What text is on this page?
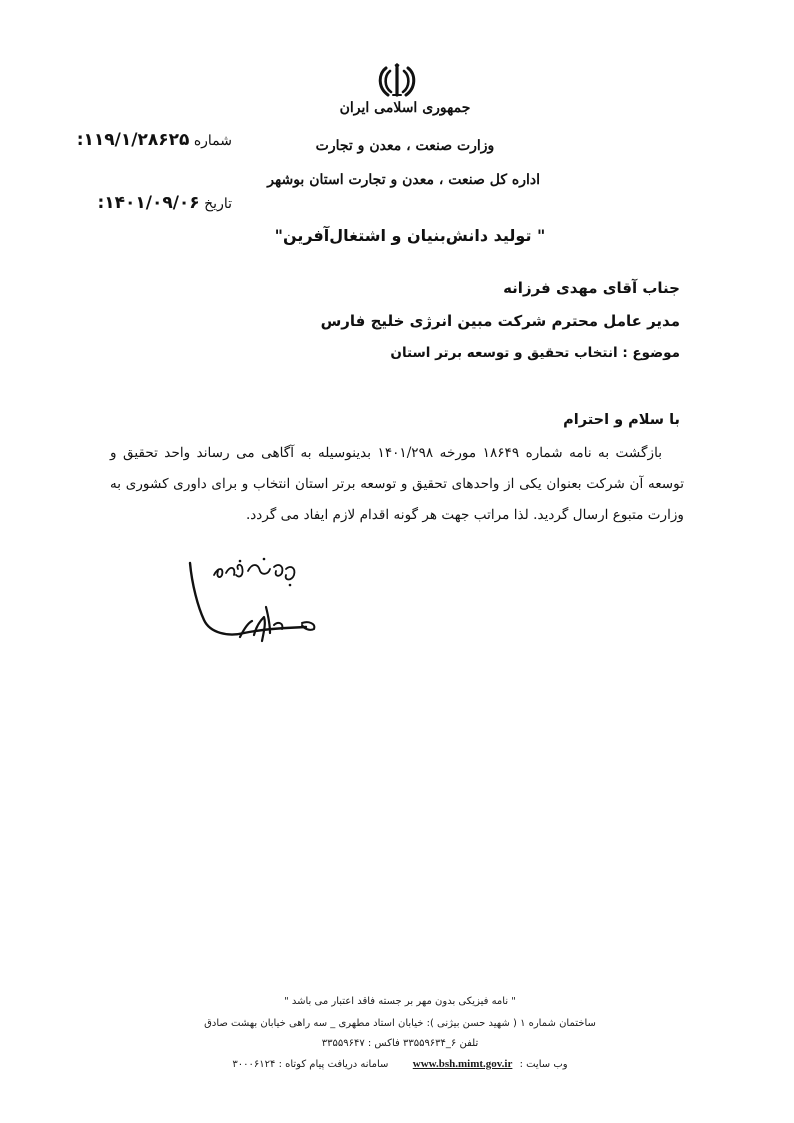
جمهوری اسلامی ایران
وزارت صنعت ، معدن و تجارت
اداره کل صنعت ، معدن و تجارت استان بوشهر
شماره ۱۱۹/۱/۲۸۶۲۵:
تاریخ ۱۴۰۱/۰۹/۰۶:
" تولید دانش‌بنیان و اشتغال‌آفرین"
جناب آقای مهدی فرزانه
مدیر عامل محترم شرکت مبین انرژی خلیج فارس
موضوع : انتخاب تحقیق و توسعه برتر استان
با سلام و احترام
بازگشت به نامه شماره ۱۸۶۴۹ مورخه ۱۴۰۱/۲۹۸ بدینوسیله به آگاهی می رساند واحد تحقیق و توسعه آن شرکت بعنوان یکی از واحدهای تحقیق و توسعه برتر استان انتخاب و برای داوری کشوری به وزارت متبوع ارسال گردید. لذا مراتب جهت هر گونه اقدام لازم ایفاد می گردد.
" نامه فیزیکی بدون مهر بر جسته فاقد اعتبار می باشد "
ساختمان شماره ۱ ( شهید حسن بیژنی ): خیابان استاد مطهری _ سه راهی خیابان بهشت صادق
تلفن ۶_۳۳۵۵۹۶۳۴ فاکس : ۳۳۵۵۹۶۴۷
وب سایت : www.bsh.mimt.gov.ir  سامانه دریافت پیام کوتاه : ۳۰۰۰۶۱۲۴
